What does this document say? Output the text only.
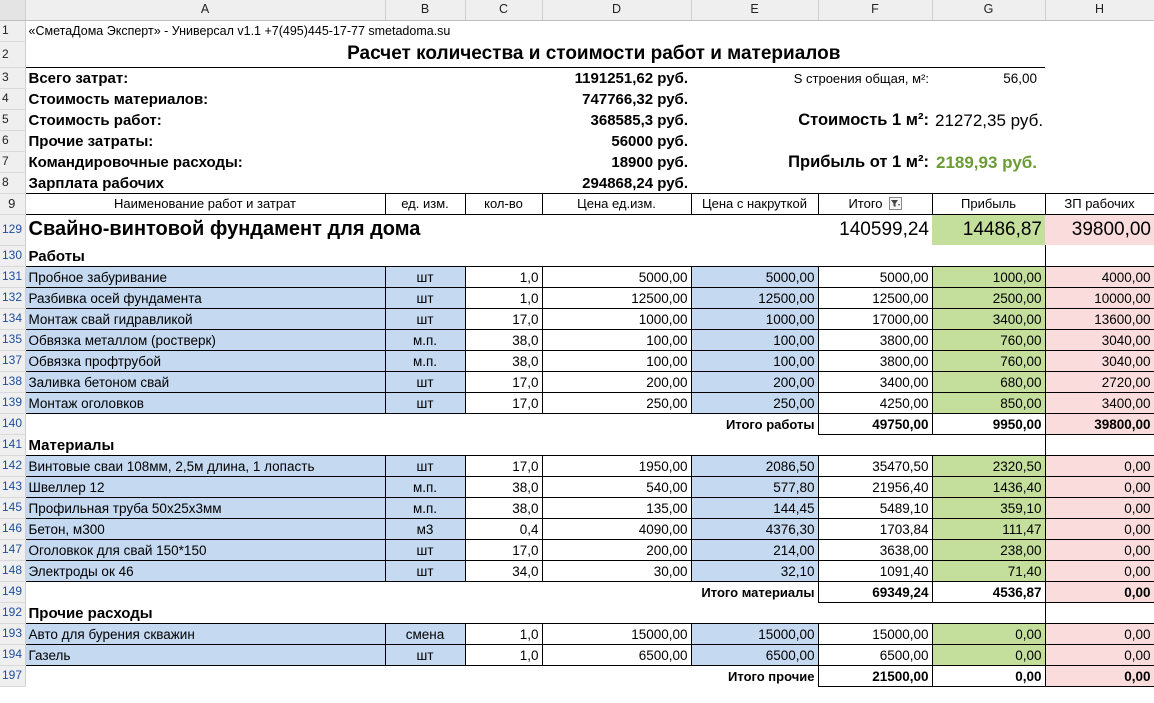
	A	B	C	D	E	F	G	H
1	«СметаДома Эксперт» - Универсал v1.1 +7(495)445-17-77 smetadoma.su							
2	Расчет количества и стоимости работ и материалов							
3	Всего затрат:	1191251,62 руб.			S строения общая, м²:		56,00	
4	Стоимость материалов:	747766,32 руб.						
5	Стоимость работ:	368585,3 руб.			Стоимость 1 м²:		21272,35 руб.	
6	Прочие затраты:	56000 руб.						
7	Командировочные расходы:	18900 руб.			Прибыль от 1 м²:		2189,93 руб.	
8	Зарплата рабочих	294868,24 руб.						
9	Наименование работ и затрат	ед. изм.	кол-во	Цена ед.изм.	Цена с накруткой	Итого	Прибыль	ЗП рабочих
129	Свайно-винтовой фундамент для дома					140599,24	14486,87	39800,00
130	Работы							
131	Пробное забуривание	шт	1,0	5000,00	5000,00	5000,00	1000,00	4000,00
132	Разбивка осей фундамента	шт	1,0	12500,00	12500,00	12500,00	2500,00	10000,00
134	Монтаж свай гидравликой	шт	17,0	1000,00	1000,00	17000,00	3400,00	13600,00
135	Обвязка металлом (ростверк)	м.п.	38,0	100,00	100,00	3800,00	760,00	3040,00
137	Обвязка профтрубой	м.п.	38,0	100,00	100,00	3800,00	760,00	3040,00
138	Заливка бетоном свай	шт	17,0	200,00	200,00	3400,00	680,00	2720,00
139	Монтаж оголовков	шт	17,0	250,00	250,00	4250,00	850,00	3400,00
140				Итого работы		49750,00	9950,00	39800,00
141	Материалы							
142	Винтовые сваи 108мм, 2,5м длина, 1 лопасть	шт	17,0	1950,00	2086,50	35470,50	2320,50	0,00
143	Швеллер 12	м.п.	38,0	540,00	577,80	21956,40	1436,40	0,00
145	Профильная труба 50х25х3мм	м.п.	38,0	135,00	144,45	5489,10	359,10	0,00
146	Бетон, м300	м3	0,4	4090,00	4376,30	1703,84	111,47	0,00
147	Оголовкок для свай 150*150	шт	17,0	200,00	214,00	3638,00	238,00	0,00
148	Электроды ок 46	шт	34,0	30,00	32,10	1091,40	71,40	0,00
149				Итого материалы		69349,24	4536,87	0,00
192	Прочие расходы							
193	Авто для бурения скважин	смена	1,0	15000,00	15000,00	15000,00	0,00	0,00
194	Газель	шт	1,0	6500,00	6500,00	6500,00	0,00	0,00
197				Итого прочие		21500,00	0,00	0,00
